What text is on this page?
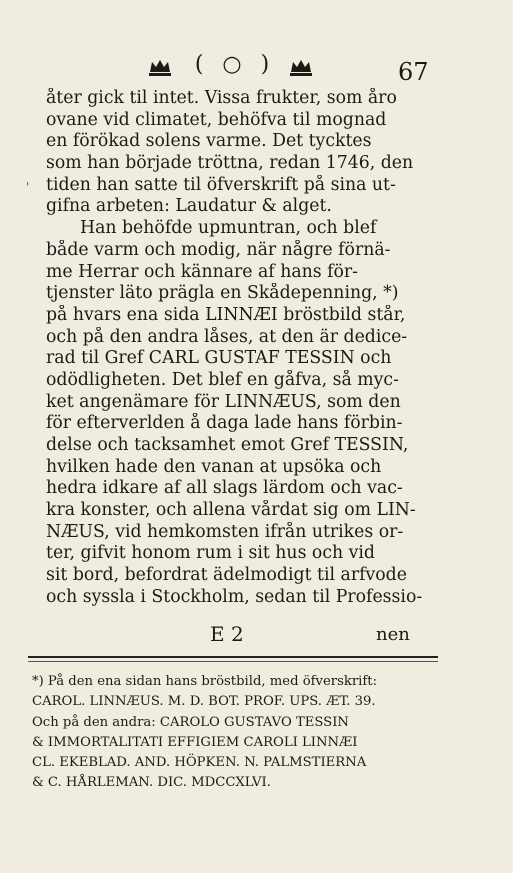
( ○ )	67
'
åter gick til intet. Vissa frukter, som åro
ovane vid climatet, behöfva til mognad
en förökad solens varme. Det tycktes
som han började tröttna, redan 1746, den
tiden han satte til öfverskrift på sina ut-
gifna arbeten: Laudatur & alget.
Han behöfde upmuntran, och blef
både varm och modig, när någre förnä-
me Herrar och kännare af hans för-
tjenster läto prägla en Skådepenning, *)
på hvars ena sida LINNÆI bröstbild står,
och på den andra låses, at den är dedice-
rad til Gref CARL GUSTAF TESSIN och
odödligheten. Det blef en gåfva, så myc-
ket angenämare för LINNÆUS, som den
för efterverlden å daga lade hans förbin-
delse och tacksamhet emot Gref TESSIN,
hvilken hade den vanan at upsöka och
hedra idkare af all slags lärdom och vac-
kra konster, och allena vårdat sig om LIN-
NÆUS, vid hemkomsten ifrån utrikes or-
ter, gifvit honom rum i sit hus och vid
sit bord, befordrat ädelmodigt til arfvode
och syssla i Stockholm, sedan til Professio-
E 2	nen
*) På den ena sidan hans bröstbild, med öfverskrift:
CAROL. LINNÆUS. M. D. BOT. PROF. UPS. ÆT. 39.
Och på den andra: CAROLO GUSTAVO TESSIN
& IMMORTALITATI EFFIGIEM CAROLI LINNÆI
CL. EKEBLAD. AND. HÖPKEN. N. PALMSTIERNA
& C. HÅRLEMAN. DIC. MDCCXLVI.
